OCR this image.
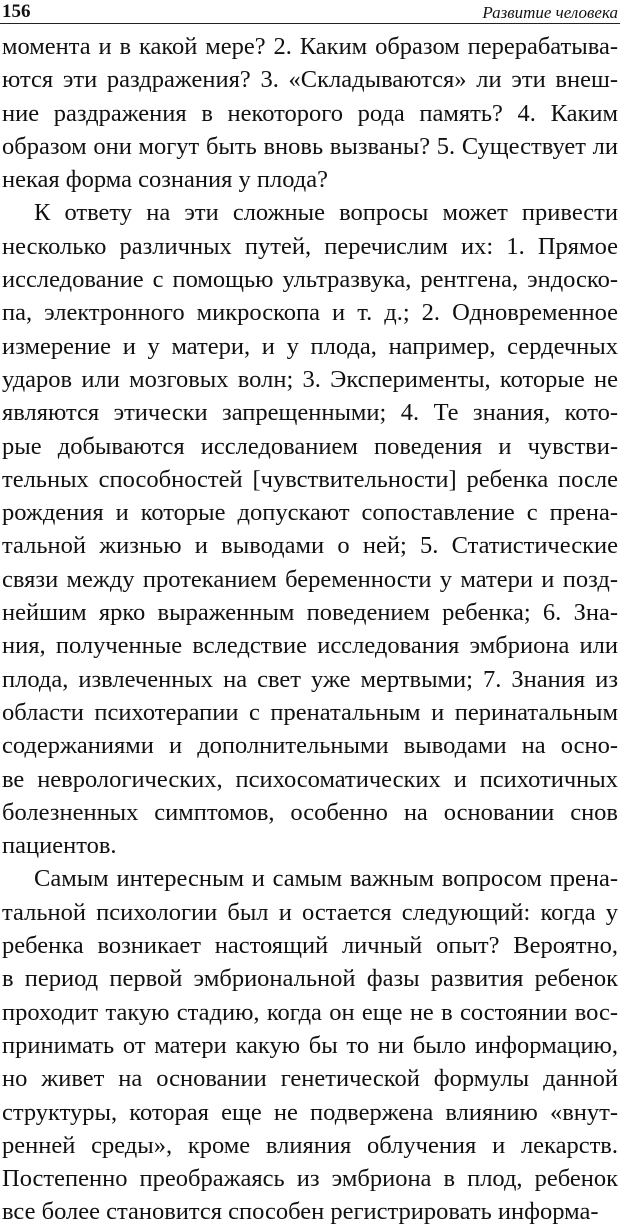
156	Развитие человека
момента и в какой мере? 2. Каким образом перерабатыва-
ются эти раздражения? 3. «Складываются» ли эти внеш-
ние раздражения в некоторого рода память? 4. Каким
образом они могут быть вновь вызваны? 5. Существует ли
некая форма сознания у плода?
К ответу на эти сложные вопросы может привести
несколько различных путей, перечислим их: 1. Прямое
исследование с помощью ультразвука, рентгена, эндоско-
па, электронного микроскопа и т. д.; 2. Одновременное
измерение и у матери, и у плода, например, сердечных
ударов или мозговых волн; 3. Эксперименты, которые не
являются этически запрещенными; 4. Те знания, кото-
рые добываются исследованием поведения и чувстви-
тельных способностей [чувствительности] ребенка после
рождения и которые допускают сопоставление с прена-
тальной жизнью и выводами о ней; 5. Статистические
связи между протеканием беременности у матери и позд-
нейшим ярко выраженным поведением ребенка; 6. Зна-
ния, полученные вследствие исследования эмбриона или
плода, извлеченных на свет уже мертвыми; 7. Знания из
области психотерапии с пренатальным и перинатальным
содержаниями и дополнительными выводами на осно-
ве неврологических, психосоматических и психотичных
болезненных симптомов, особенно на основании снов
пациентов.
Самым интересным и самым важным вопросом прена-
тальной психологии был и остается следующий: когда у
ребенка возникает настоящий личный опыт? Вероятно,
в период первой эмбриональной фазы развития ребенок
проходит такую стадию, когда он еще не в состоянии вос-
принимать от матери какую бы то ни было информацию,
но живет на основании генетической формулы данной
структуры, которая еще не подвержена влиянию «внут-
ренней среды», кроме влияния облучения и лекарств.
Постепенно преображаясь из эмбриона в плод, ребенок
все более становится способен регистрировать информа-
